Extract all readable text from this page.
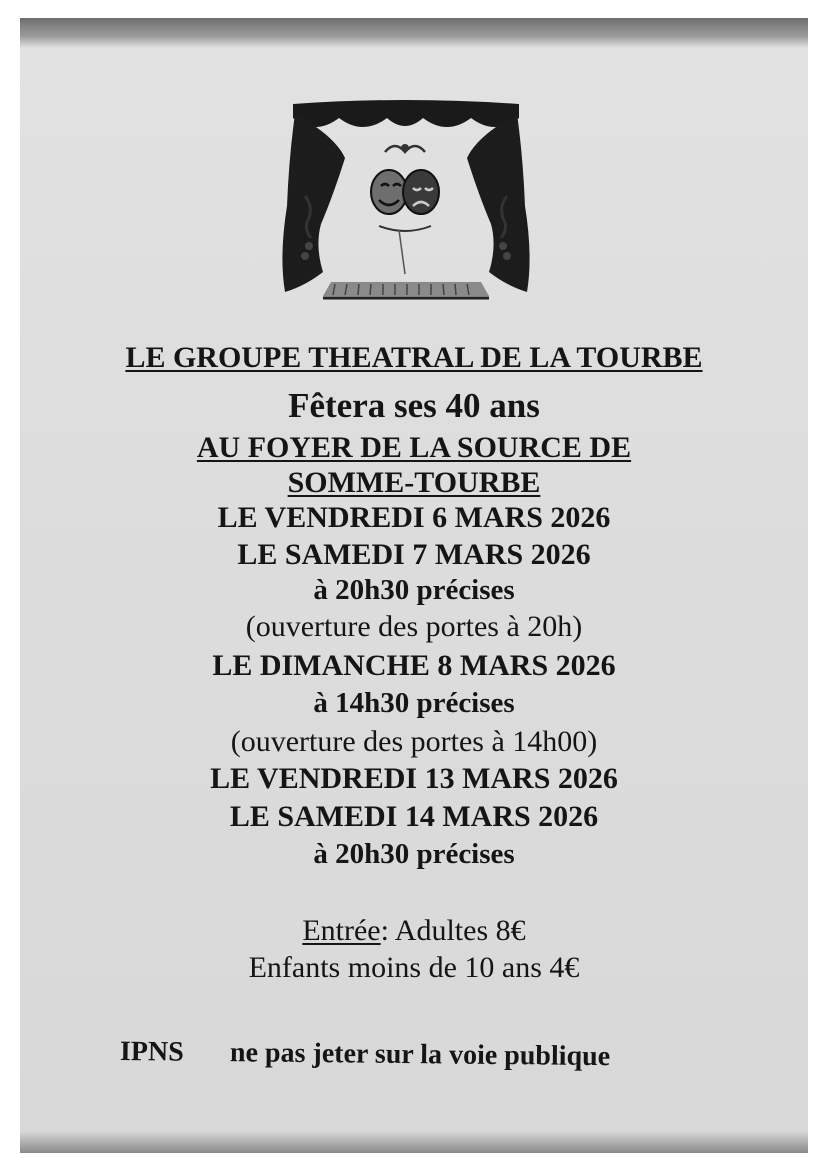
LE GROUPE THEATRAL DE LA TOURBE
Fêtera ses 40 ans
AU FOYER DE LA SOURCE DE
SOMME-TOURBE
LE VENDREDI 6 MARS 2026
LE SAMEDI 7 MARS 2026
à 20h30 précises
(ouverture des portes à 20h)
LE DIMANCHE 8 MARS 2026
à 14h30 précises
(ouverture des portes à 14h00)
LE VENDREDI 13 MARS 2026
LE SAMEDI 14 MARS 2026
à 20h30 précises
Entrée: Adultes 8€
Enfants moins de 10 ans 4€
IPNS ne pas jeter sur la voie publique
